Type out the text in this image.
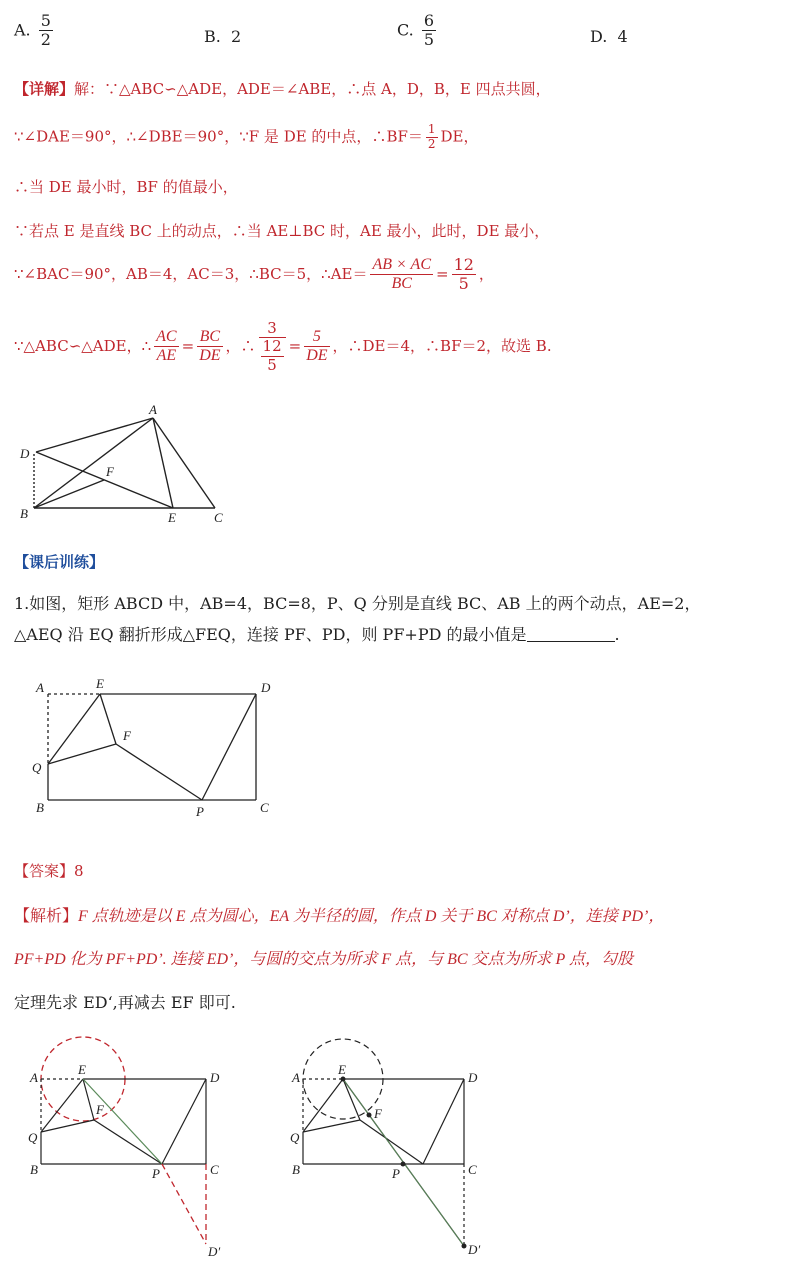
A. $\frac{5}{2}$	B. 2	C. $\frac{6}{5}$	D. 4
【详解】解：∵△ABC∽△ADE，ADE＝∠ABE，∴点 A，D，B，E 四点共圆，
∵∠DAE＝90°，∴∠DBE＝90°，∵F 是 DE 的中点，∴BF＝ $\frac{1}{2}$ DE，
∴当 DE 最小时，BF 的值最小，
∵若点 E 是直线 BC 上的动点，∴当 AE⊥BC 时，AE 最小，此时，DE 最小，
∵∠BAC＝90°，AB＝4，AC＝3，∴BC＝5，∴AE＝ $\frac{AB \times AC}{BC} = \frac{12}{5}$ ，
∵△ABC∽△ADE，∴ $\frac{AC}{AE} = \frac{BC}{DE}$ ，∴ $\frac{3}{\frac{12}{5}} = \frac{5}{DE}$ ，∴DE＝4，∴BF＝2，故选 B.
A
D
F
B	E	C
【课后训练】
1.如图，矩形 ABCD 中，AB=4，BC=8，P、Q 分别是直线 BC、AB 上的两个动点，AE=2，
△AEQ 沿 EQ 翻折形成△FEQ，连接 PF、PD，则 PF+PD 的最小值是	.
A	E	D
F
Q
B	P	C
【答案】8
【解析】F 点轨迹是以 E 点为圆心，EA 为半径的圆，作点 D 关于 BC 对称点 D’，连接 PD’，
PF+PD 化为 PF+PD’. 连接 ED’，与圆的交点为所求 F 点，与 BC 交点为所求 P 点，勾股
定理先求 ED‘,再减去 EF 即可.
A
E
D
F
Q
B	P	C
D′
A
E
D
F
Q
B	P	C
D′
